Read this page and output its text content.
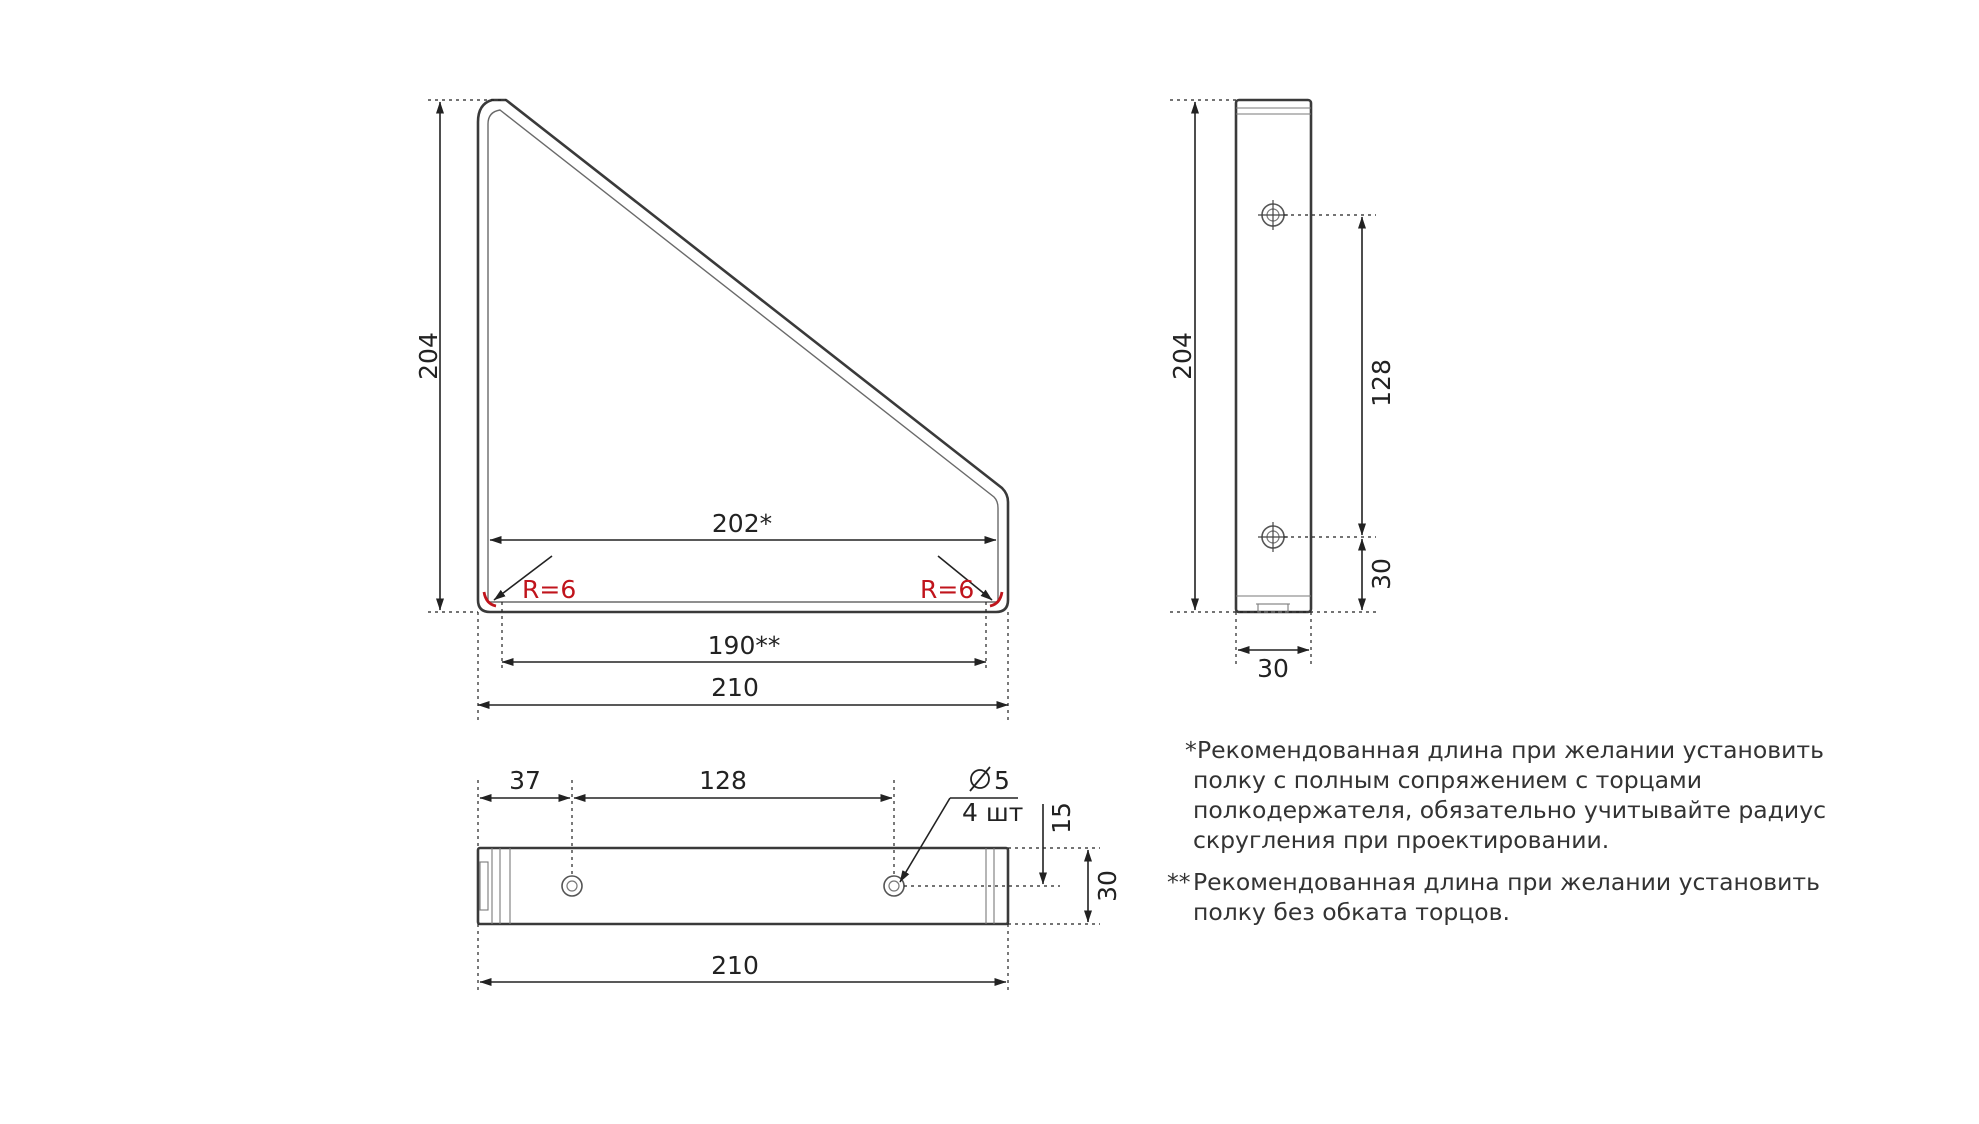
204
202*
R=6	R=6
190**
210
204
128
30
30
37	128	5
4 шт 15
30
210
* Рекомендованная длина при желании установить
полку с полным сопряжением с торцами
полкодержателя, обязательно учитывайте радиус
скругления при проектировании.
** Рекомендованная длина при желании установить
полку без обката торцов.
